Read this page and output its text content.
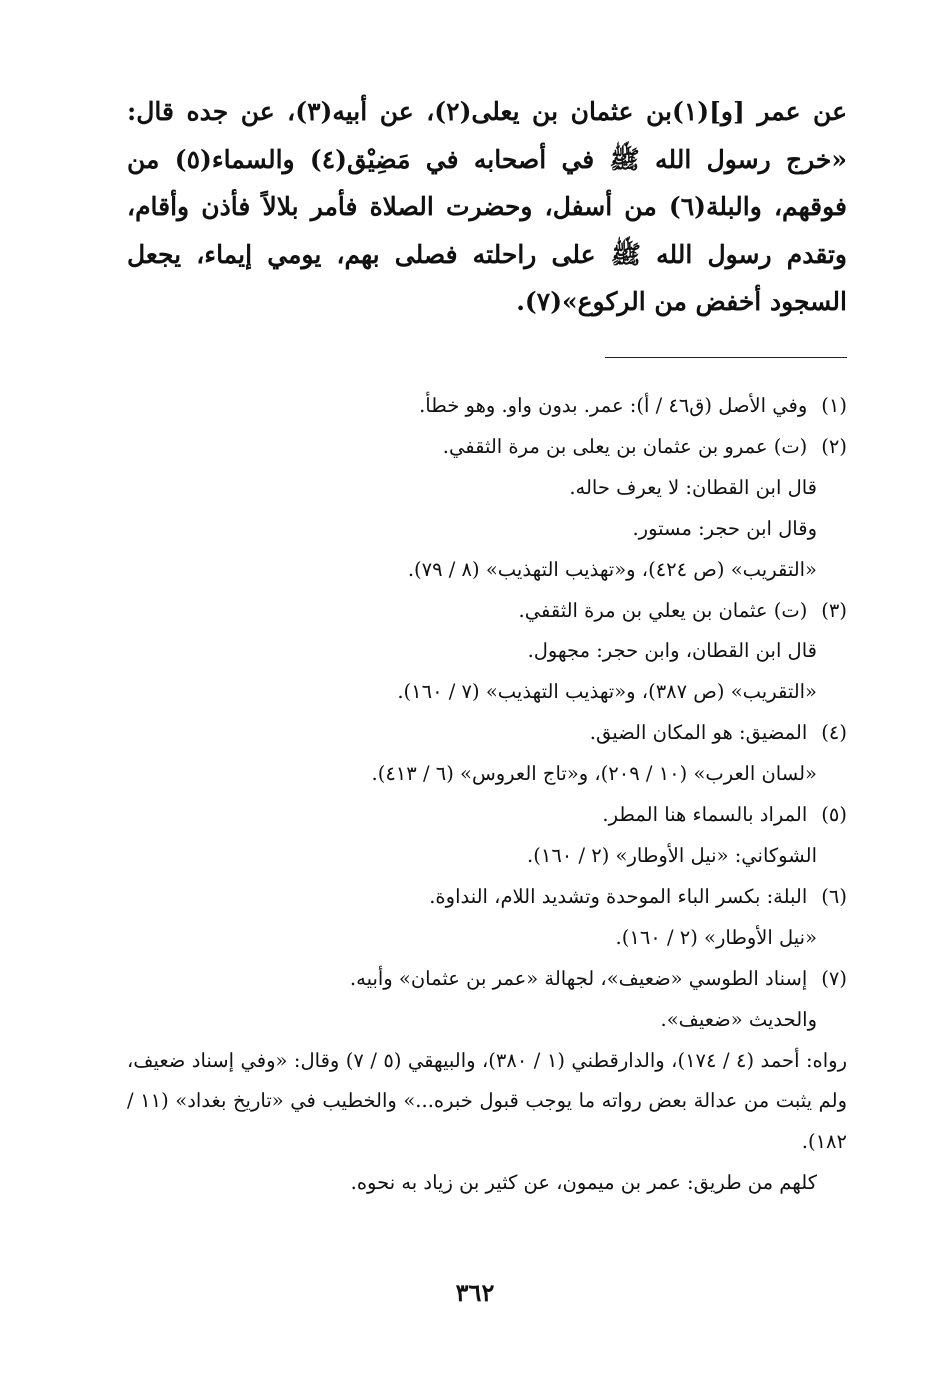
عن عمر [و](١)بن عثمان بن يعلى(٢)، عن أبيه(٣)، عن جده قال: «خرج رسول الله ﷺ في أصحابه في مَضِيْق(٤) والسماء(٥) من فوقهم، والبلة(٦) من أسفل، وحضرت الصلاة فأمر بلالاً فأذن وأقام، وتقدم رسول الله ﷺ على راحلته فصلى بهم، يومي إيماء، يجعل السجود أخفض من الركوع»(٧).

(١)وفي الأصل (ق٤٦ / أ): عمر. بدون واو. وهو خطأ.
(٢)(ت) عمرو بن عثمان بن يعلى بن مرة الثقفي.
قال ابن القطان: لا يعرف حاله.
وقال ابن حجر: مستور.
«التقريب» (ص ٤٢٤)، و«تهذيب التهذيب» (٨ / ٧٩).
(٣)(ت) عثمان بن يعلي بن مرة الثقفي.
قال ابن القطان، وابن حجر: مجهول.
«التقريب» (ص ٣٨٧)، و«تهذيب التهذيب» (٧ / ١٦٠).
(٤)المضيق: هو المكان الضيق.
«لسان العرب» (١٠ / ٢٠٩)، و«تاج العروس» (٦ / ٤١٣).
(٥)المراد بالسماء هنا المطر.
الشوكاني: «نيل الأوطار» (٢ / ١٦٠).
(٦)البلة: بكسر الباء الموحدة وتشديد اللام، النداوة.
«نيل الأوطار» (٢ / ١٦٠).
(٧)إسناد الطوسي «ضعيف»، لجهالة «عمر بن عثمان» وأبيه.
والحديث «ضعيف».
رواه: أحمد (٤ / ١٧٤)، والدارقطني (١ / ٣٨٠)، والبيهقي (٥ / ٧) وقال: «وفي إسناد ضعيف، ولم يثبت من عدالة بعض رواته ما يوجب قبول خبره...» والخطيب في «تاريخ بغداد» (١١ / ١٨٢).
كلهم من طريق: عمر بن ميمون، عن كثير بن زياد به نحوه.
٣٦٢
